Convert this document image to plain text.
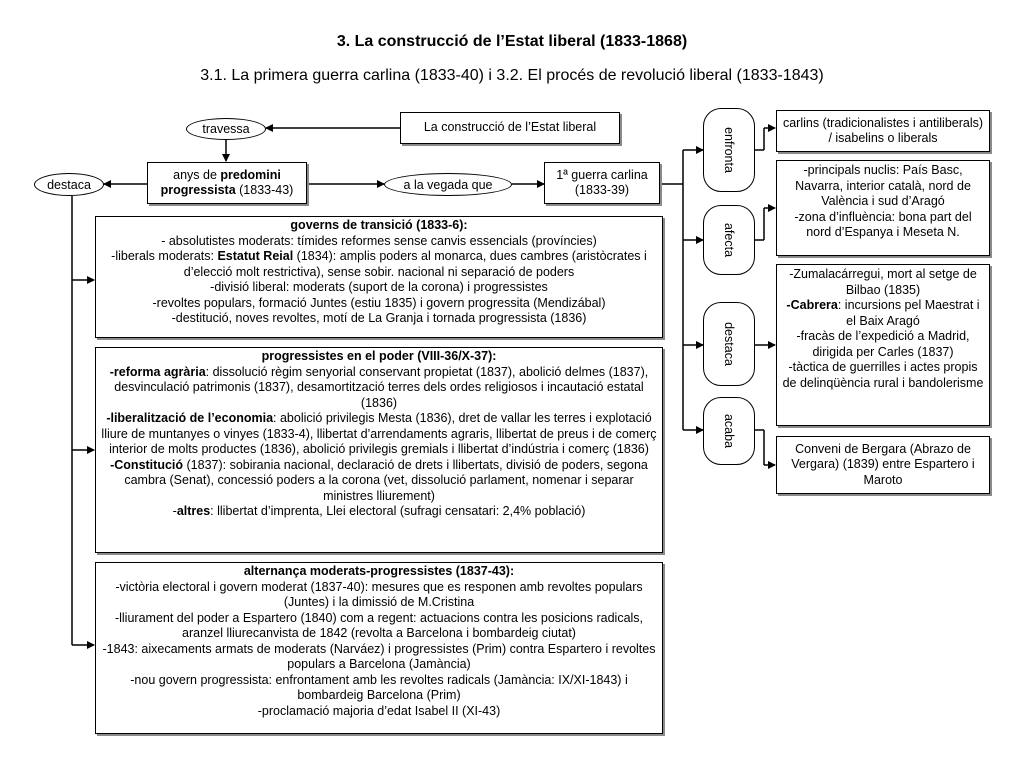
3. La construcció de l’Estat liberal (1833-1868)
3.1. La primera guerra carlina (1833-40) i 3.2. El procés de revolució liberal (1833-1843)
La construcció de l’Estat liberal
travessa
destaca
anys de predomini
progressista (1833-43)	a la vegada que
1ª guerra carlina
(1833-39)
enfronta
afecta
destaca
acaba
carlins (tradicionalistes i antiliberals) / isabelins o liberals
-principals nuclis: País Basc, Navarra, interior català, nord de València i sud d’Aragó
-zona d’influència: bona part del nord d’Espanya i Meseta N.
-Zumalacárregui, mort al setge de Bilbao (1835)
-Cabrera: incursions pel Maestrat i el Baix Aragó
-fracàs de l’expedició a Madrid, dirigida per Carles (1837)
-tàctica de guerrilles i actes propis de delinqüència rural i bandolerisme
Conveni de Bergara (Abrazo de Vergara) (1839) entre Espartero i Maroto
governs de transició (1833-6):
- absolutistes moderats: tímides reformes sense canvis essencials (províncies)
-liberals moderats: Estatut Reial (1834): amplis poders al monarca, dues cambres (aristòcrates i d’elecció molt restrictiva), sense sobir. nacional ni separació de poders
-divisió liberal: moderats (suport de la corona) i progressistes
-revoltes populars, formació Juntes (estiu 1835) i govern progressita (Mendizábal)
-destitució, noves revoltes, motí de La Granja i tornada progressista (1836)
progressistes en el poder (VIII-36/X-37):
-reforma agrària: dissolució règim senyorial conservant propietat (1837), abolició delmes (1837), desvinculació patrimonis (1837), desamortització terres dels ordes religiosos i incautació estatal (1836)
-liberalització de l’economia: abolició privilegis Mesta (1836), dret de vallar les terres i explotació lliure de muntanyes o vinyes (1833-4), llibertat d’arrendaments agraris, llibertat de preus i de comerç interior de molts productes (1836), abolició privilegis gremials i llibertat d’indústria i comerç (1836)
-Constitució (1837): sobirania nacional, declaració de drets i llibertats, divisió de poders, segona cambra (Senat), concessió poders a la corona (vet, dissolució parlament, nomenar i separar ministres lliurement)
-altres: llibertat d’imprenta, Llei electoral (sufragi censatari: 2,4% població)
alternança moderats-progressistes (1837-43):
-victòria electoral i govern moderat (1837-40): mesures que es responen amb revoltes populars (Juntes) i la dimissió de M.Cristina
-lliurament del poder a Espartero (1840) com a regent: actuacions contra les posicions radicals, aranzel lliurecanvista de 1842 (revolta a Barcelona i bombardeig ciutat)
-1843: aixecaments armats de moderats (Narváez) i progressistes (Prim) contra Espartero i revoltes populars a Barcelona (Jamància)
-nou govern progressista: enfrontament amb les revoltes radicals (Jamància: IX/XI-1843) i bombardeig Barcelona (Prim)
-proclamació majoria d’edat Isabel II (XI-43)
